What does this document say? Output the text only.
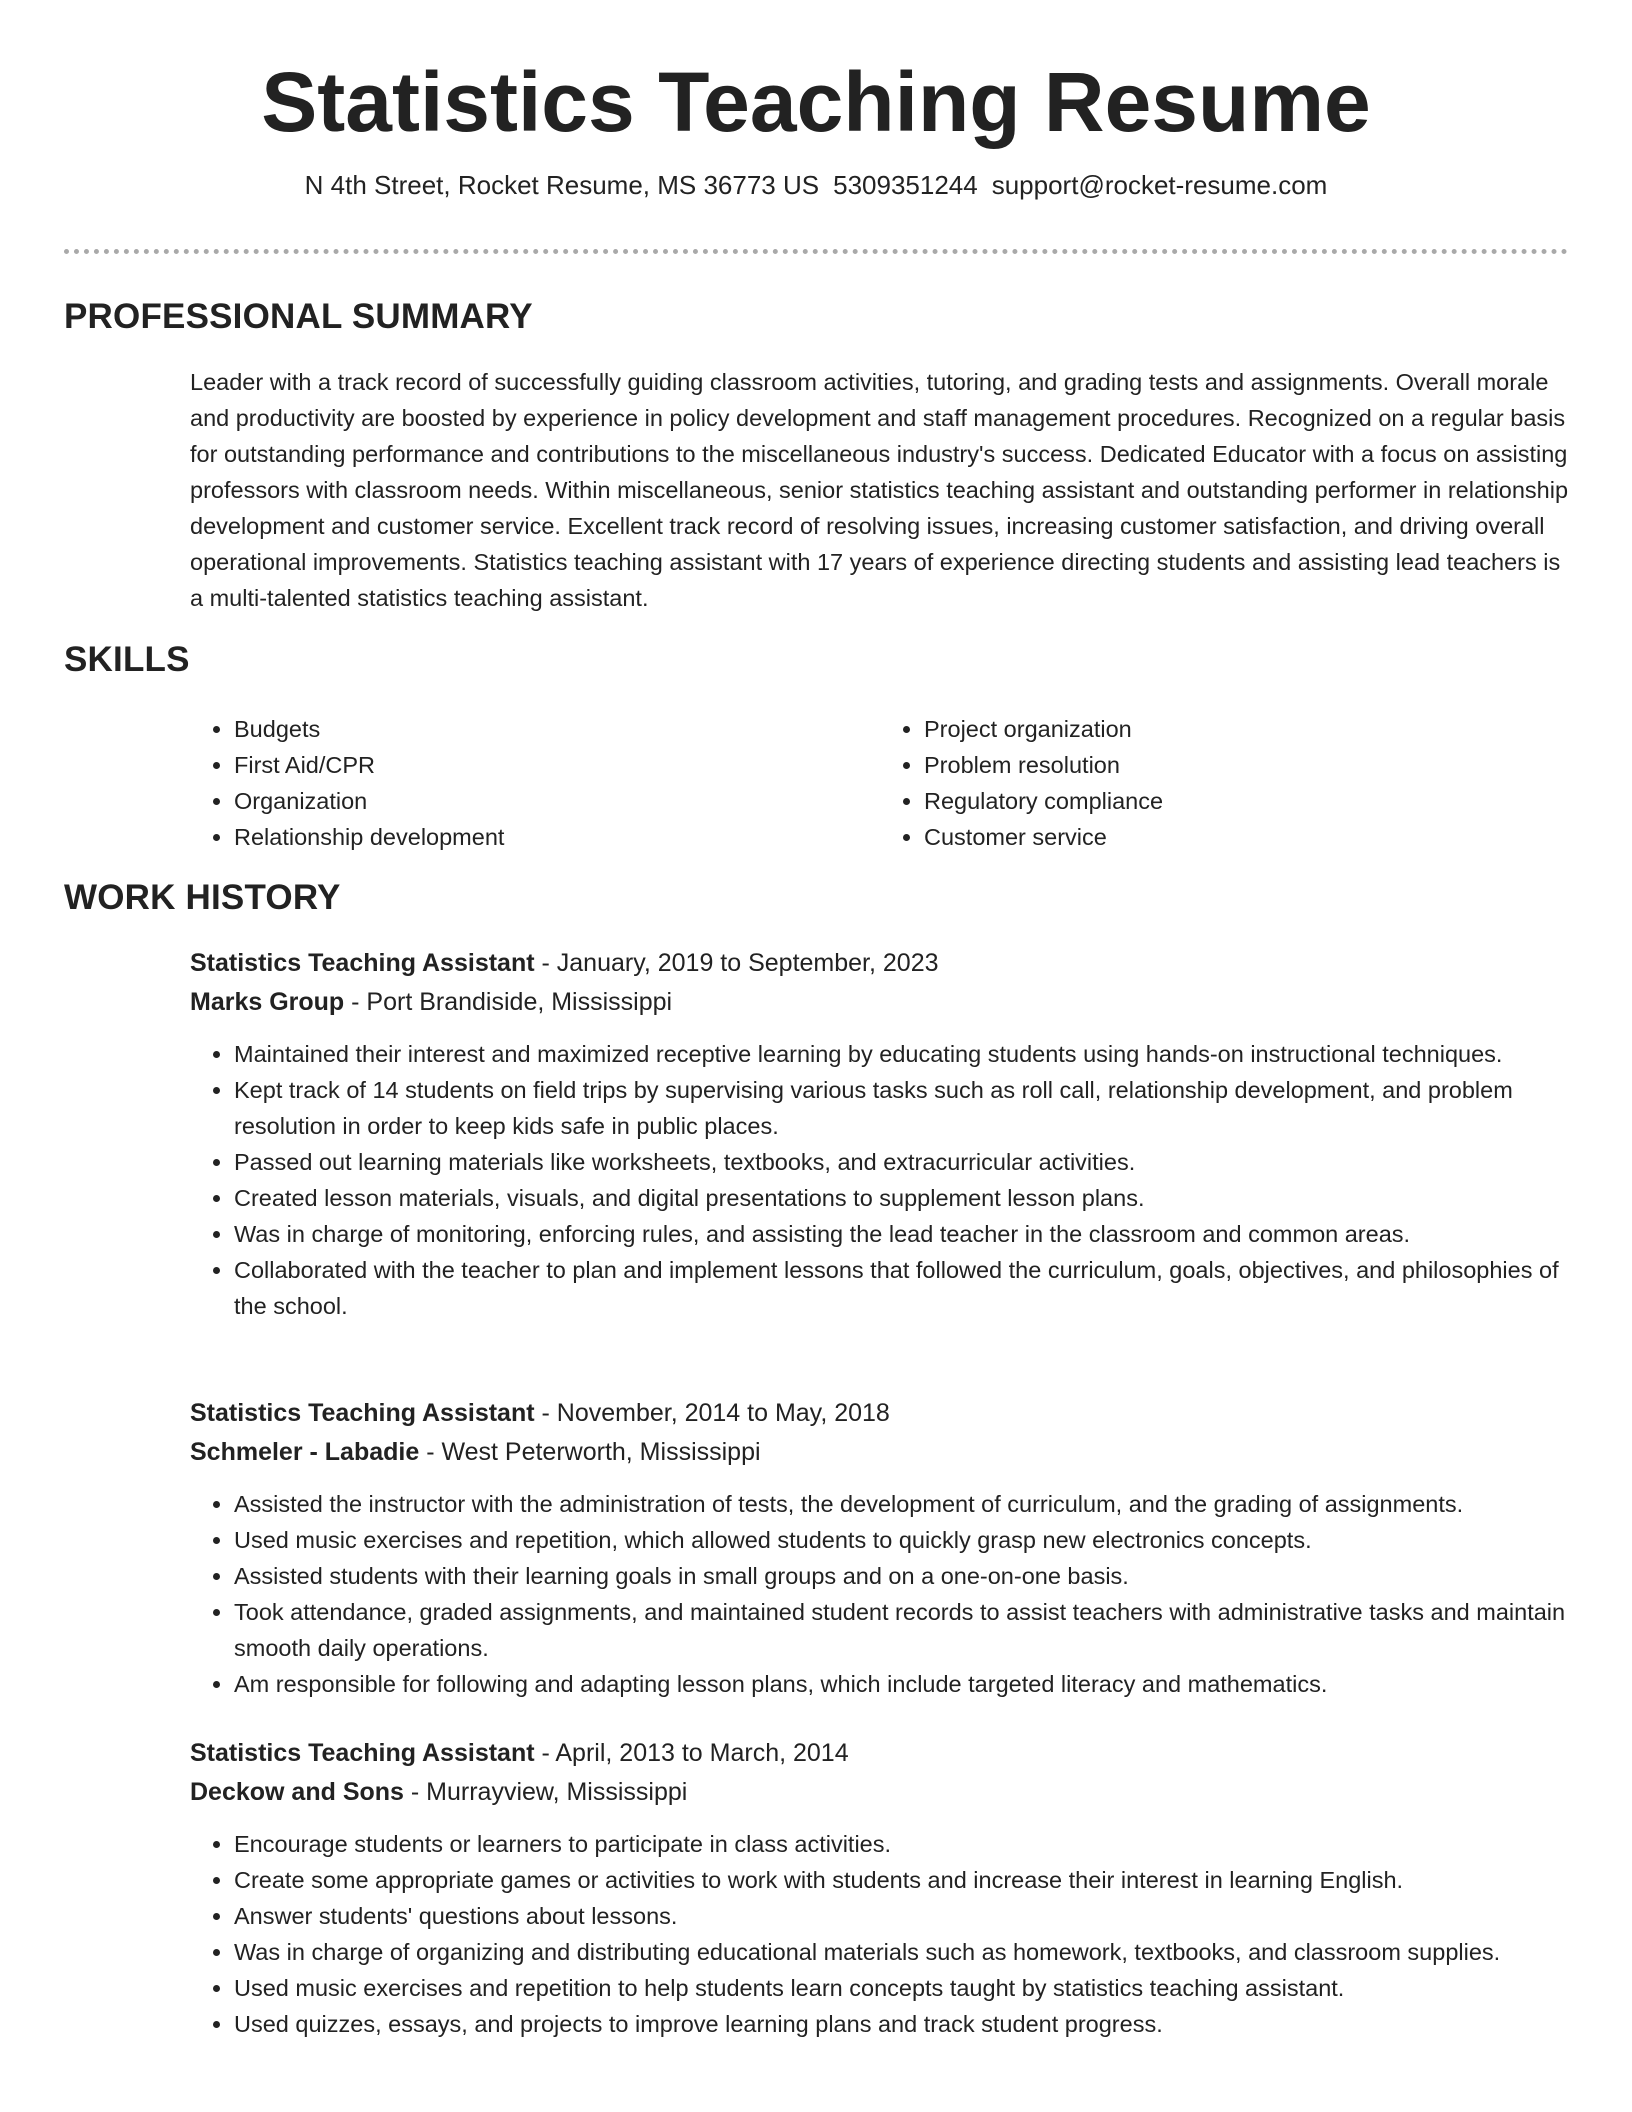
Statistics Teaching Resume
N 4th Street, Rocket Resume, MS 36773 US 5309351244 support@rocket-resume.com
PROFESSIONAL SUMMARY

Leader with a track record of successfully guiding classroom activities, tutoring, and grading tests and assignments. Overall morale and productivity are boosted by experience in policy development and staff management procedures. Recognized on a regular basis for outstanding performance and contributions to the miscellaneous industry's success. Dedicated Educator with a focus on assisting professors with classroom needs. Within miscellaneous, senior statistics teaching assistant and outstanding performer in relationship development and customer service. Excellent track record of resolving issues, increasing customer satisfaction, and driving overall operational improvements. Statistics teaching assistant with 17 years of experience directing students and assisting lead teachers is a multi-talented statistics teaching assistant.

SKILLS
• Budgets
• First Aid/CPR
• Organization
• Relationship development
• Project organization
• Problem resolution
• Regulatory compliance
• Customer service
WORK HISTORY

Statistics Teaching Assistant - January, 2019 to September, 2023

Marks Group - Port Brandiside, Mississippi

• Maintained their interest and maximized receptive learning by educating students using hands-on instructional techniques.
• Kept track of 14 students on field trips by supervising various tasks such as roll call, relationship development, and problem resolution in order to keep kids safe in public places.
• Passed out learning materials like worksheets, textbooks, and extracurricular activities.
• Created lesson materials, visuals, and digital presentations to supplement lesson plans.
• Was in charge of monitoring, enforcing rules, and assisting the lead teacher in the classroom and common areas.
• Collaborated with the teacher to plan and implement lessons that followed the curriculum, goals, objectives, and philosophies of the school.

Statistics Teaching Assistant - November, 2014 to May, 2018

Schmeler - Labadie - West Peterworth, Mississippi

• Assisted the instructor with the administration of tests, the development of curriculum, and the grading of assignments.
• Used music exercises and repetition, which allowed students to quickly grasp new electronics concepts.
• Assisted students with their learning goals in small groups and on a one-on-one basis.
• Took attendance, graded assignments, and maintained student records to assist teachers with administrative tasks and maintain smooth daily operations.
• Am responsible for following and adapting lesson plans, which include targeted literacy and mathematics.

Statistics Teaching Assistant - April, 2013 to March, 2014

Deckow and Sons - Murrayview, Mississippi

• Encourage students or learners to participate in class activities.
• Create some appropriate games or activities to work with students and increase their interest in learning English.
• Answer students' questions about lessons.
• Was in charge of organizing and distributing educational materials such as homework, textbooks, and classroom supplies.
• Used music exercises and repetition to help students learn concepts taught by statistics teaching assistant.
• Used quizzes, essays, and projects to improve learning plans and track student progress.
